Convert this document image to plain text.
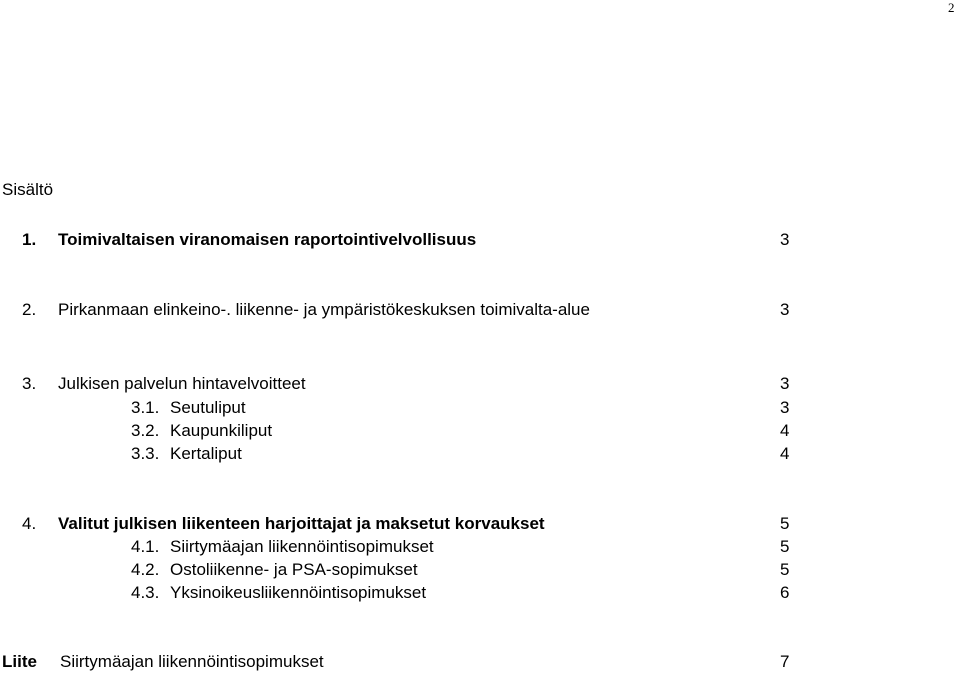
2
Sisältö
1. Toimivaltaisen viranomaisen raportointivelvollisuus	3
2. Pirkanmaan elinkeino-. liikenne- ja ympäristökeskuksen toimivalta-alue	3
3. Julkisen palvelun hintavelvoitteet	3
3.1. Seutuliput	3
3.2. Kaupunkiliput	4
3.3. Kertaliput	4
4. Valitut julkisen liikenteen harjoittajat ja maksetut korvaukset	5
4.1. Siirtymäajan liikennöintisopimukset	5
4.2. Ostoliikenne- ja PSA-sopimukset	5
4.3. Yksinoikeusliikennöintisopimukset	6
Liite Siirtymäajan liikennöintisopimukset	7
